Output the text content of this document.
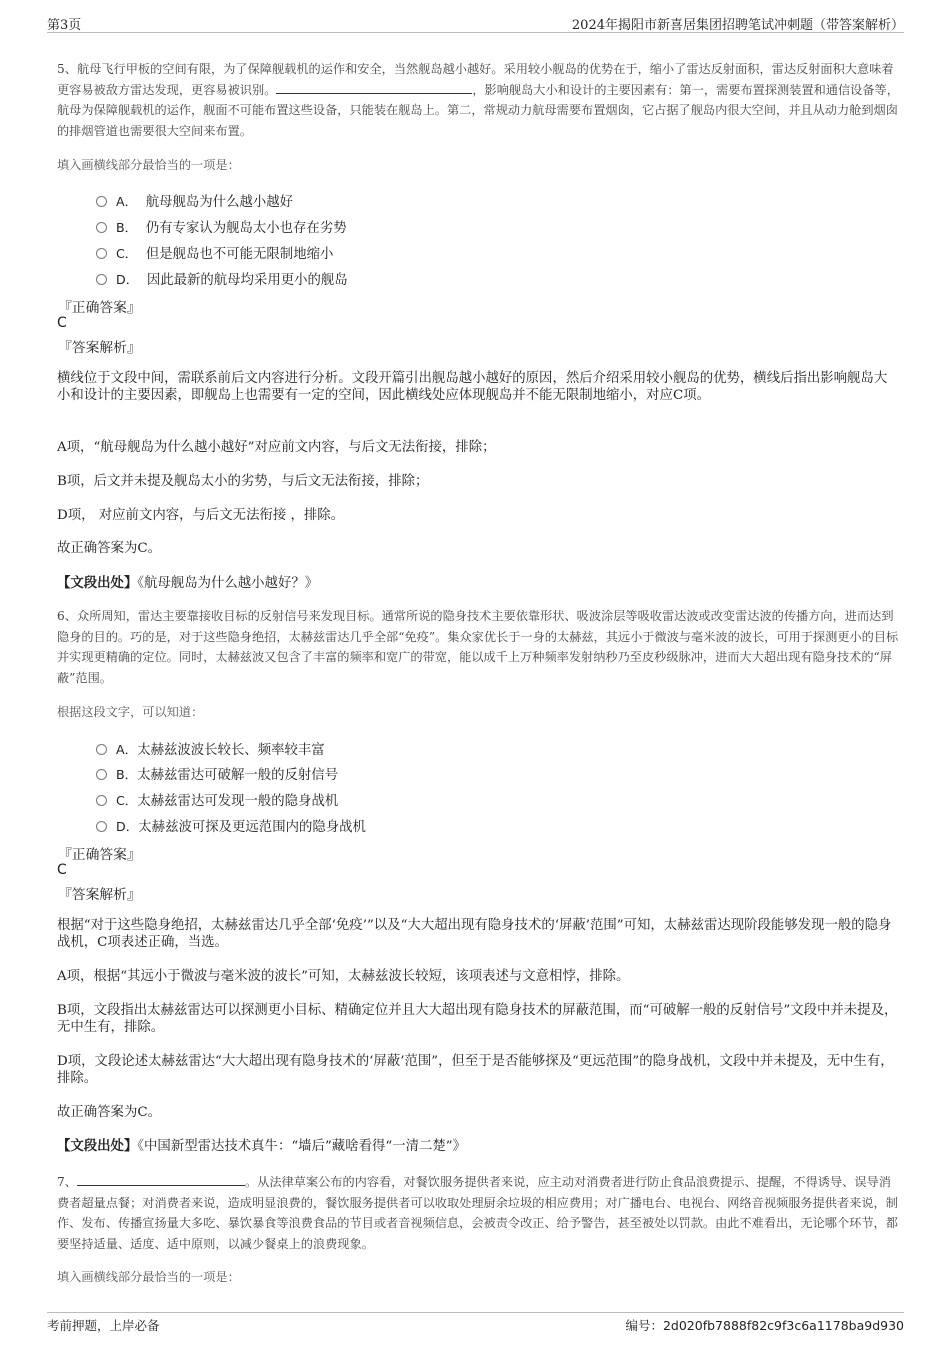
第3页	2024年揭阳市新喜居集团招聘笔试冲刺题（带答案解析）
5、航母飞行甲板的空间有限，为了保障舰载机的运作和安全，当然舰岛越小越好。采用较小舰岛的优势在于，缩小了雷达反射面积，雷达反射面积大意味着更容易被敌方雷达发现，更容易被识别。	，影响舰岛大小和设计的主要因素有：第一，需要布置探测装置和通信设备等，航母为保障舰载机的运作，舰面不可能布置这些设备，只能装在舰岛上。第二，常规动力航母需要布置烟囱，它占据了舰岛内很大空间，并且从动力舱到烟囱的排烟管道也需要很大空间来布置。
填入画横线部分最恰当的一项是：
A． 航母舰岛为什么越小越好
B． 仍有专家认为舰岛太小也存在劣势
C． 但是舰岛也不可能无限制地缩小
D． 因此最新的航母均采用更小的舰岛
『正确答案』
C
『答案解析』
横线位于文段中间，需联系前后文内容进行分析。文段开篇引出舰岛越小越好的原因，然后介绍采用较小舰岛的优势，横线后指出影响舰岛大小和设计的主要因素，即舰岛上也需要有一定的空间，因此横线处应体现舰岛并不能无限制地缩小，对应C项。
A项，“航母舰岛为什么越小越好”对应前文内容，与后文无法衔接，排除；
B项，后文并未提及舰岛太小的劣势，与后文无法衔接，排除；
D项， 对应前文内容，与后文无法衔接 ，排除。
故正确答案为C。
【文段出处】《航母舰岛为什么越小越好？》
6、众所周知，雷达主要靠接收目标的反射信号来发现目标。通常所说的隐身技术主要依靠形状、吸波涂层等吸收雷达波或改变雷达波的传播方向，进而达到隐身的目的。巧的是，对于这些隐身绝招，太赫兹雷达几乎全部“免疫”。集众家优长于一身的太赫兹，其远小于微波与毫米波的波长，可用于探测更小的目标并实现更精确的定位。同时，太赫兹波又包含了丰富的频率和宽广的带宽，能以成千上万种频率发射纳秒乃至皮秒级脉冲，进而大大超出现有隐身技术的“屏蔽”范围。
根据这段文字，可以知道：
A．太赫兹波波长较长、频率较丰富
B．太赫兹雷达可破解一般的反射信号
C．太赫兹雷达可发现一般的隐身战机
D．太赫兹波可探及更远范围内的隐身战机
『正确答案』
C
『答案解析』
根据“对于这些隐身绝招，太赫兹雷达几乎全部‘免疫’”以及“大大超出现有隐身技术的‘屏蔽’范围”可知，太赫兹雷达现阶段能够发现一般的隐身战机，C项表述正确，当选。
A项，根据“其远小于微波与毫米波的波长”可知，太赫兹波长较短，该项表述与文意相悖，排除。
B项，文段指出太赫兹雷达可以探测更小目标、精确定位并且大大超出现有隐身技术的屏蔽范围，而“可破解一般的反射信号”文段中并未提及，无中生有，排除。
D项，文段论述太赫兹雷达“大大超出现有隐身技术的‘屏蔽’范围”，但至于是否能够探及“更远范围”的隐身战机，文段中并未提及，无中生有，排除。
故正确答案为C。
【文段出处】《中国新型雷达技术真牛：“墙后”藏啥看得“一清二楚”》
7、	。从法律草案公布的内容看，对餐饮服务提供者来说，应主动对消费者进行防止食品浪费提示、提醒，不得诱导、误导消费者超量点餐；对消费者来说，造成明显浪费的，餐饮服务提供者可以收取处理厨余垃圾的相应费用；对广播电台、电视台、网络音视频服务提供者来说，制作、发布、传播宣扬量大多吃、暴饮暴食等浪费食品的节目或者音视频信息，会被责令改正、给予警告，甚至被处以罚款。由此不难看出，无论哪个环节，都要坚持适量、适度、适中原则，以减少餐桌上的浪费现象。
填入画横线部分最恰当的一项是：
考前押题，上岸必备	编号：2d020fb7888f82c9f3c6a1178ba9d930
